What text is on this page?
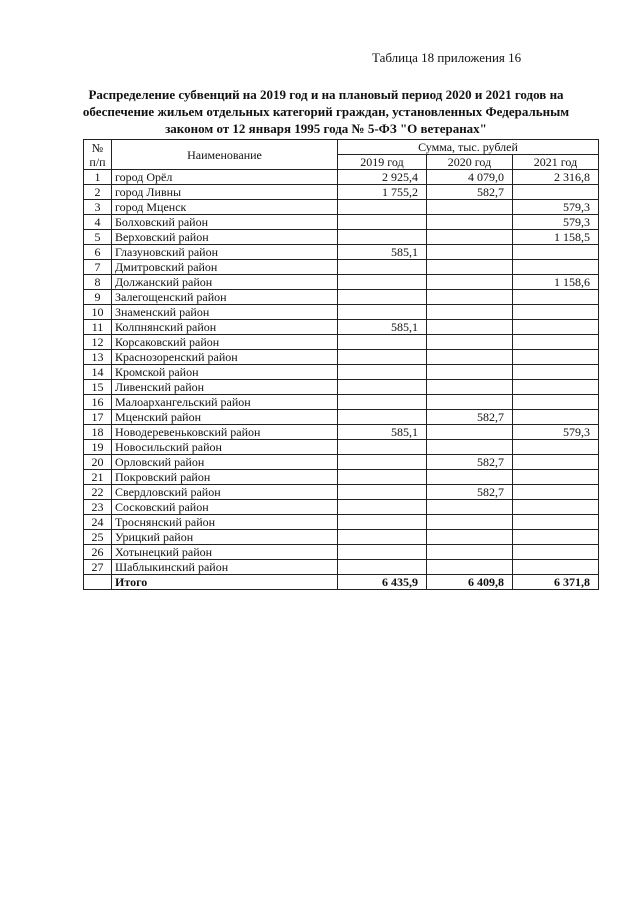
Таблица 18 приложения 16
Распределение субвенций на 2019 год и на плановый период 2020 и 2021 годов на обеспечение жильем отдельных категорий граждан, установленных Федеральным законом от 12 января 1995 года № 5-ФЗ "О ветеранах"
№
п/п	Наименование	Сумма, тыс. рублей		
		2019 год	2020 год	2021 год
1	город Орёл	2 925,4	4 079,0	2 316,8
2	город Ливны	1 755,2	582,7	
3	город Мценск			579,3
4	Болховский район			579,3
5	Верховский район			1 158,5
6	Глазуновский район	585,1		
7	Дмитровский район			
8	Должанский район			1 158,6
9	Залегощенский район			
10	Знаменский район			
11	Колпнянский район	585,1		
12	Корсаковский район			
13	Краснозоренский район			
14	Кромской район			
15	Ливенский район			
16	Малоархангельский район			
17	Мценский район		582,7	
18	Новодеревеньковский район	585,1		579,3
19	Новосильский район			
20	Орловский район		582,7	
21	Покровский район			
22	Свердловский район		582,7	
23	Сосковский район			
24	Троснянский район			
25	Урицкий район			
26	Хотынецкий район			
27	Шаблыкинский район			
	Итого	6 435,9	6 409,8	6 371,8
